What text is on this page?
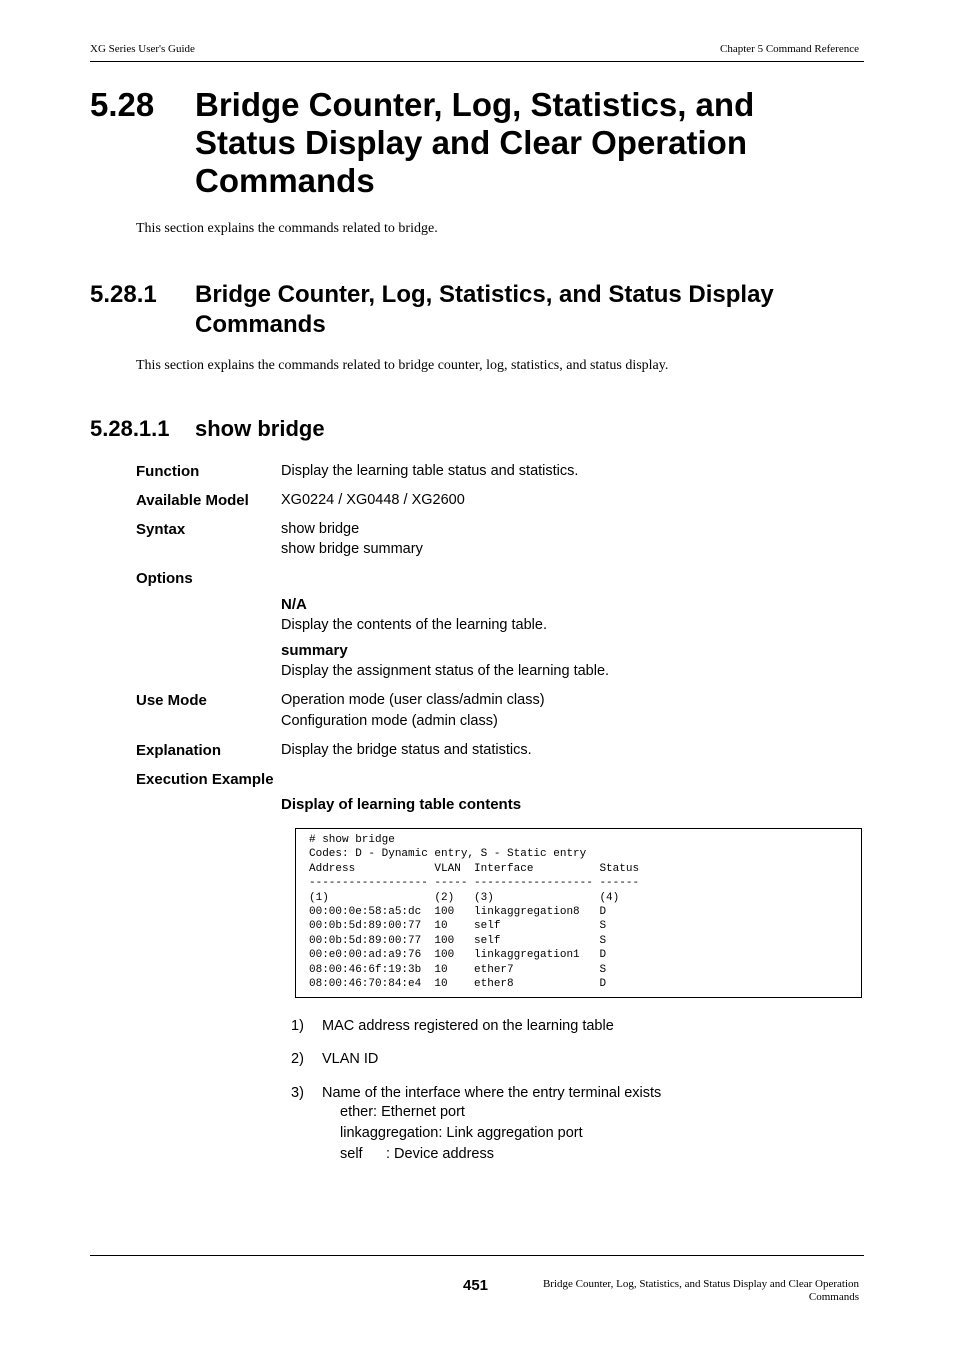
XG Series User's Guide	Chapter 5 Command Reference
5.28 Bridge Counter, Log, Statistics, and Status Display and Clear Operation Commands
This section explains the commands related to bridge.
5.28.1 Bridge Counter, Log, Statistics, and Status Display Commands
This section explains the commands related to bridge counter, log, statistics, and status display.
5.28.1.1 show bridge
Function	Display the learning table status and statistics.
Available Model XG0224 / XG0448 / XG2600
Syntax	show bridge
show bridge summary
Options
N/A
Display the contents of the learning table.
summary
Display the assignment status of the learning table.
Use Mode	Operation mode (user class/admin class)
Configuration mode (admin class)
Explanation	Display the bridge status and statistics.
Execution Example
Display of learning table contents
# show bridge
Codes: D - Dynamic entry, S - Static entry
Address            VLAN  Interface          Status
------------------ ----- ------------------ ------
(1)                (2)   (3)                (4)
00:00:0e:58:a5:dc  100   linkaggregation8   D
00:0b:5d:89:00:77  10    self               S
00:0b:5d:89:00:77  100   self               S
00:e0:00:ad:a9:76  100   linkaggregation1   D
08:00:46:6f:19:3b  10    ether7             S
08:00:46:70:84:e4  10    ether8             D
1) MAC address registered on the learning table
2) VLAN ID
3) Name of the interface where the entry terminal exists
ether: Ethernet port
linkaggregation: Link aggregation port
self : Device address
451	Bridge Counter, Log, Statistics, and Status Display and Clear Operation
Commands
